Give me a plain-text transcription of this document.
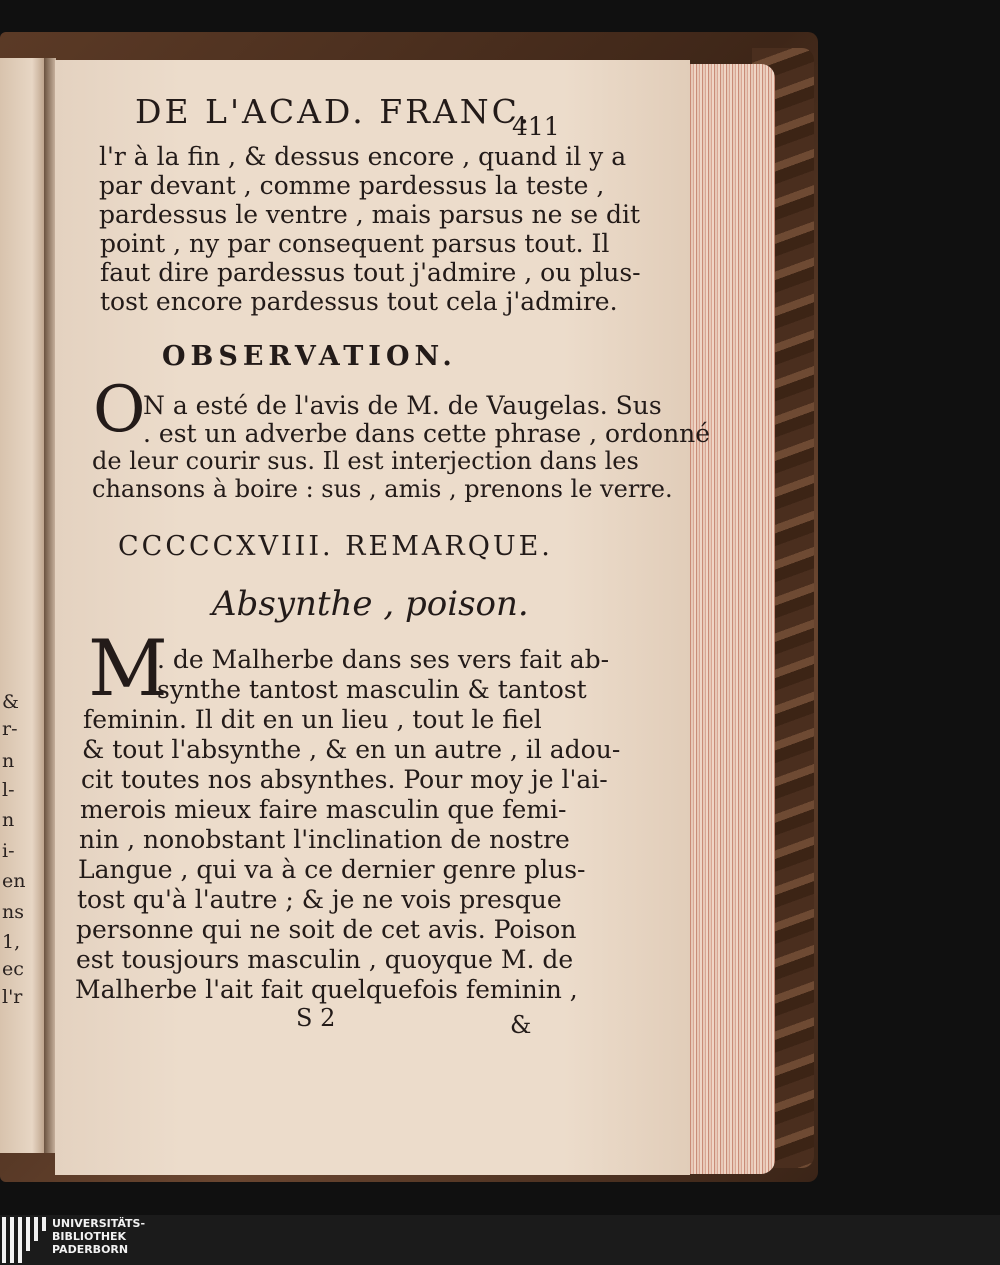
&
r-
n
l-
n
i-
en
ns
1,
ec
l'r
DE L'ACAD. FRANC.
411
l'r à la fin , & dessus encore , quand il y a
par devant , comme pardessus la teste ,
pardessus le ventre , mais parsus ne se dit
point , ny par consequent parsus tout. Il
faut dire pardessus tout j'admire , ou plus-
tost encore pardessus tout cela j'admire.
OBSERVATION.
O
N a esté de l'avis de M. de Vaugelas. Sus
. est un adverbe dans cette phrase , ordonné
de leur courir sus. Il est interjection dans les
chansons à boire : sus , amis , prenons le verre.
CCCCCXVIII. REMARQUE.
Absynthe , poison.
M
. de Malherbe dans ses vers fait ab-
synthe tantost masculin & tantost
feminin. Il dit en un lieu , tout le fiel
& tout l'absynthe , & en un autre , il adou-
cit toutes nos absynthes. Pour moy je l'ai-
merois mieux faire masculin que femi-
nin , nonobstant l'inclination de nostre
Langue , qui va à ce dernier genre plus-
tost qu'à l'autre ; & je ne vois presque
personne qui ne soit de cet avis. Poison
est tousjours masculin , quoyque M. de
Malherbe l'ait fait quelquefois feminin ,
S 2	&
UNIVERSITÄTS-
BIBLIOTHEK
PADERBORN
